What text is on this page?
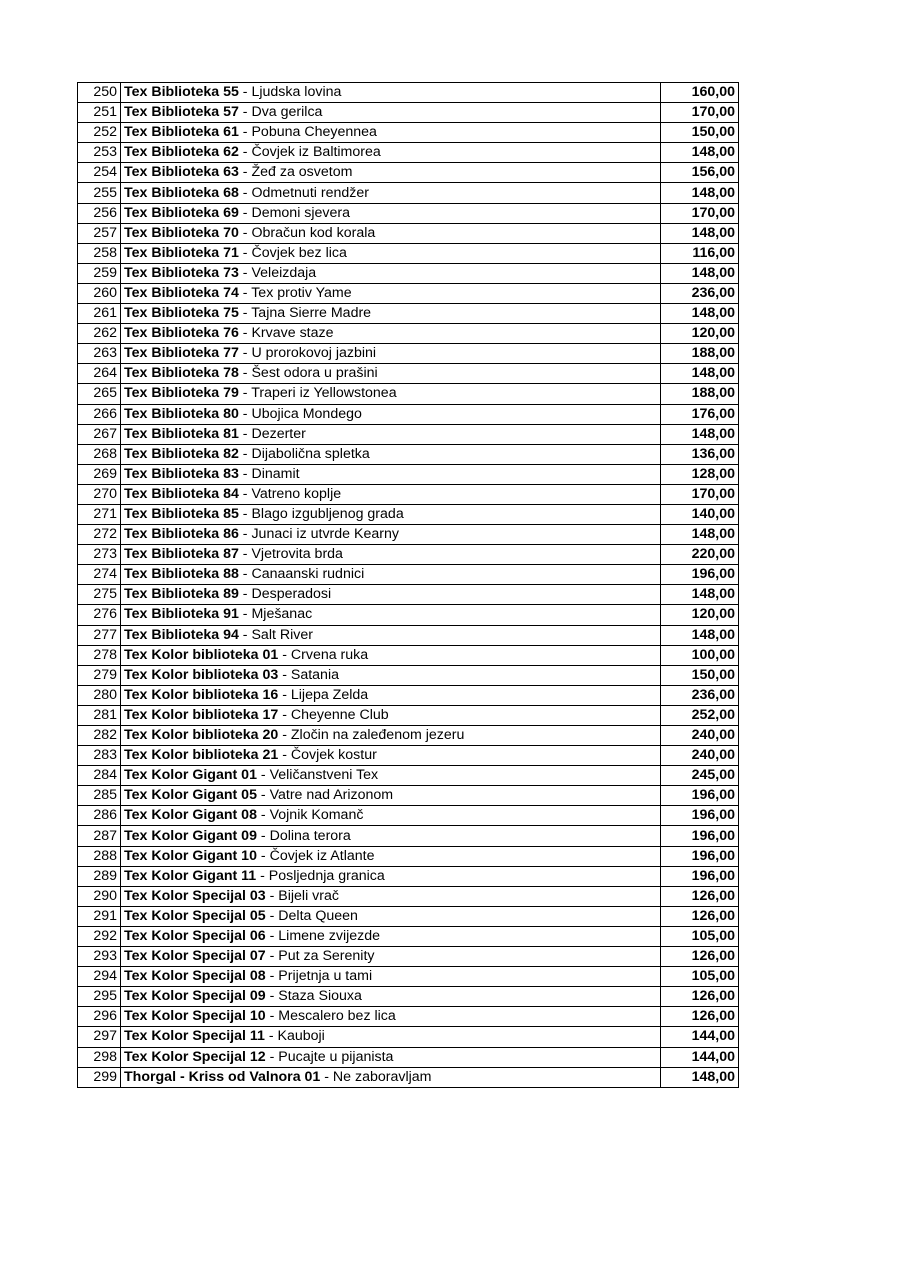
250	Tex Biblioteka 55 - Ljudska lovina	160,00
251	Tex Biblioteka 57 - Dva gerilca	170,00
252	Tex Biblioteka 61 - Pobuna Cheyennea	150,00
253	Tex Biblioteka 62 - Čovjek iz Baltimorea	148,00
254	Tex Biblioteka 63 - Žeđ za osvetom	156,00
255	Tex Biblioteka 68 - Odmetnuti rendžer	148,00
256	Tex Biblioteka 69 - Demoni sjevera	170,00
257	Tex Biblioteka 70 - Obračun kod korala	148,00
258	Tex Biblioteka 71 - Čovjek bez lica	116,00
259	Tex Biblioteka 73 - Veleizdaja	148,00
260	Tex Biblioteka 74 - Tex protiv Yame	236,00
261	Tex Biblioteka 75 - Tajna Sierre Madre	148,00
262	Tex Biblioteka 76 - Krvave staze	120,00
263	Tex Biblioteka 77 - U prorokovoj jazbini	188,00
264	Tex Biblioteka 78 - Šest odora u prašini	148,00
265	Tex Biblioteka 79 - Traperi iz Yellowstonea	188,00
266	Tex Biblioteka 80 - Ubojica Mondego	176,00
267	Tex Biblioteka 81 - Dezerter	148,00
268	Tex Biblioteka 82 - Dijabolična spletka	136,00
269	Tex Biblioteka 83 - Dinamit	128,00
270	Tex Biblioteka 84 - Vatreno koplje	170,00
271	Tex Biblioteka 85 - Blago izgubljenog grada	140,00
272	Tex Biblioteka 86 - Junaci iz utvrde Kearny	148,00
273	Tex Biblioteka 87 - Vjetrovita brda	220,00
274	Tex Biblioteka 88 - Canaanski rudnici	196,00
275	Tex Biblioteka 89 - Desperadosi	148,00
276	Tex Biblioteka 91 - Mješanac	120,00
277	Tex Biblioteka 94 - Salt River	148,00
278	Tex Kolor biblioteka 01 - Crvena ruka	100,00
279	Tex Kolor biblioteka 03 - Satania	150,00
280	Tex Kolor biblioteka 16 - Lijepa Zelda	236,00
281	Tex Kolor biblioteka 17 - Cheyenne Club	252,00
282	Tex Kolor biblioteka 20 - Zločin na zaleđenom jezeru	240,00
283	Tex Kolor biblioteka 21 - Čovjek kostur	240,00
284	Tex Kolor Gigant 01 - Veličanstveni Tex	245,00
285	Tex Kolor Gigant 05 - Vatre nad Arizonom	196,00
286	Tex Kolor Gigant 08 - Vojnik Komanč	196,00
287	Tex Kolor Gigant 09 - Dolina terora	196,00
288	Tex Kolor Gigant 10 - Čovjek iz Atlante	196,00
289	Tex Kolor Gigant 11 - Posljednja granica	196,00
290	Tex Kolor Specijal 03 - Bijeli vrač	126,00
291	Tex Kolor Specijal 05 - Delta Queen	126,00
292	Tex Kolor Specijal 06 - Limene zvijezde	105,00
293	Tex Kolor Specijal 07 - Put za Serenity	126,00
294	Tex Kolor Specijal 08 - Prijetnja u tami	105,00
295	Tex Kolor Specijal 09 - Staza Siouxa	126,00
296	Tex Kolor Specijal 10 - Mescalero bez lica	126,00
297	Tex Kolor Specijal 11 - Kauboji	144,00
298	Tex Kolor Specijal 12 - Pucajte u pijanista	144,00
299	Thorgal - Kriss od Valnora 01 - Ne zaboravljam	148,00
